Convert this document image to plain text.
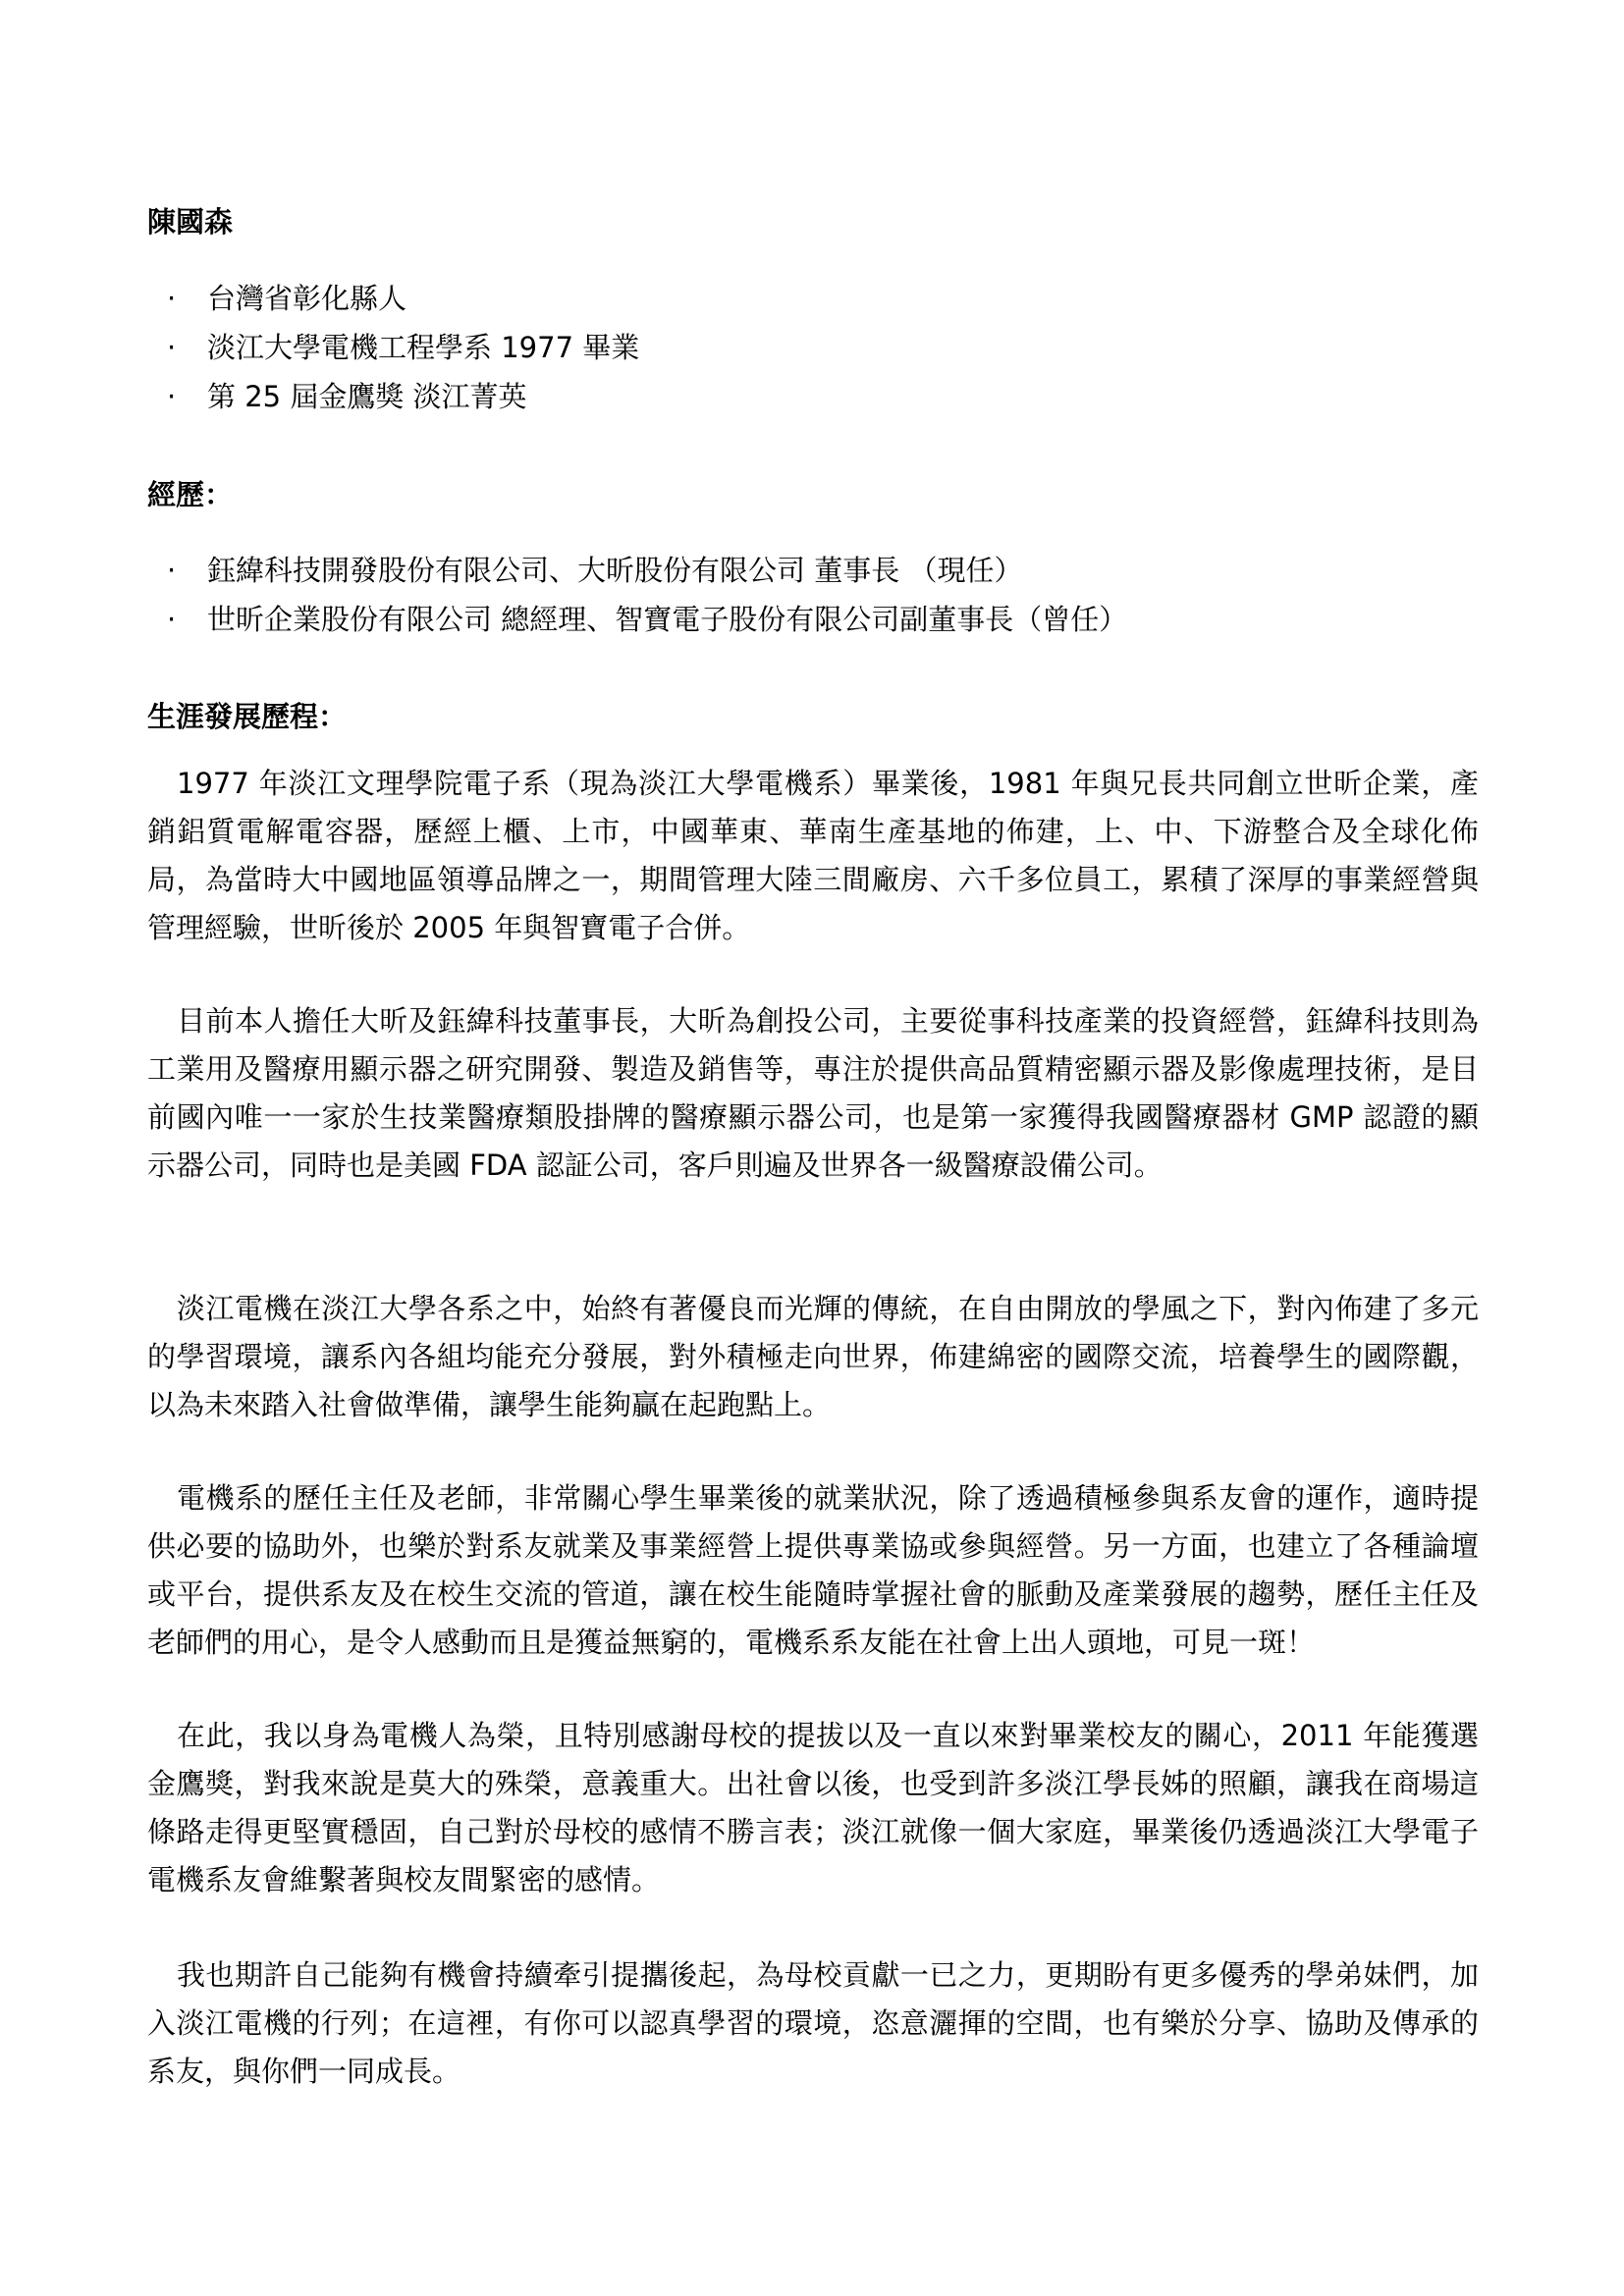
陳國森
· 台灣省彰化縣人
· 淡江大學電機工程學系 1977 畢業
· 第 25 屆金鷹獎 淡江菁英
經歷：
· 鈺緯科技開發股份有限公司、大昕股份有限公司 董事長 （現任）
· 世昕企業股份有限公司 總經理、智寶電子股份有限公司副董事長（曾任）
生涯發展歷程：

1977 年淡江文理學院電子系（現為淡江大學電機系）畢業後，1981 年與兄長共同創立世昕企業，產銷鋁質電解電容器，歷經上櫃、上市，中國華東、華南生產基地的佈建，上、中、下游整合及全球化佈局，為當時大中國地區領導品牌之一，期間管理大陸三間廠房、六千多位員工，累積了深厚的事業經營與管理經驗，世昕後於 2005 年與智寶電子合併。

目前本人擔任大昕及鈺緯科技董事長，大昕為創投公司，主要從事科技產業的投資經營，鈺緯科技則為工業用及醫療用顯示器之研究開發、製造及銷售等，專注於提供高品質精密顯示器及影像處理技術，是目前國內唯一一家於生技業醫療類股掛牌的醫療顯示器公司，也是第一家獲得我國醫療器材 GMP 認證的顯示器公司，同時也是美國 FDA 認証公司，客戶則遍及世界各一級醫療設備公司。

淡江電機在淡江大學各系之中，始終有著優良而光輝的傳統，在自由開放的學風之下，對內佈建了多元的學習環境，讓系內各組均能充分發展，對外積極走向世界，佈建綿密的國際交流，培養學生的國際觀，以為未來踏入社會做準備，讓學生能夠贏在起跑點上。

電機系的歷任主任及老師，非常關心學生畢業後的就業狀況，除了透過積極參與系友會的運作，適時提供必要的協助外，也樂於對系友就業及事業經營上提供專業協或參與經營。另一方面，也建立了各種論壇或平台，提供系友及在校生交流的管道，讓在校生能隨時掌握社會的脈動及產業發展的趨勢，歷任主任及老師們的用心，是令人感動而且是獲益無窮的，電機系系友能在社會上出人頭地，可見一斑！

在此，我以身為電機人為榮，且特別感謝母校的提拔以及一直以來對畢業校友的關心，2011 年能獲選金鷹獎，對我來說是莫大的殊榮，意義重大。出社會以後，也受到許多淡江學長姊的照顧，讓我在商場這條路走得更堅實穩固，自己對於母校的感情不勝言表；淡江就像一個大家庭，畢業後仍透過淡江大學電子電機系友會維繫著與校友間緊密的感情。

我也期許自己能夠有機會持續牽引提攜後起，為母校貢獻一已之力，更期盼有更多優秀的學弟妹們，加入淡江電機的行列；在這裡，有你可以認真學習的環境，恣意灑揮的空間，也有樂於分享、協助及傳承的系友，與你們一同成長。
